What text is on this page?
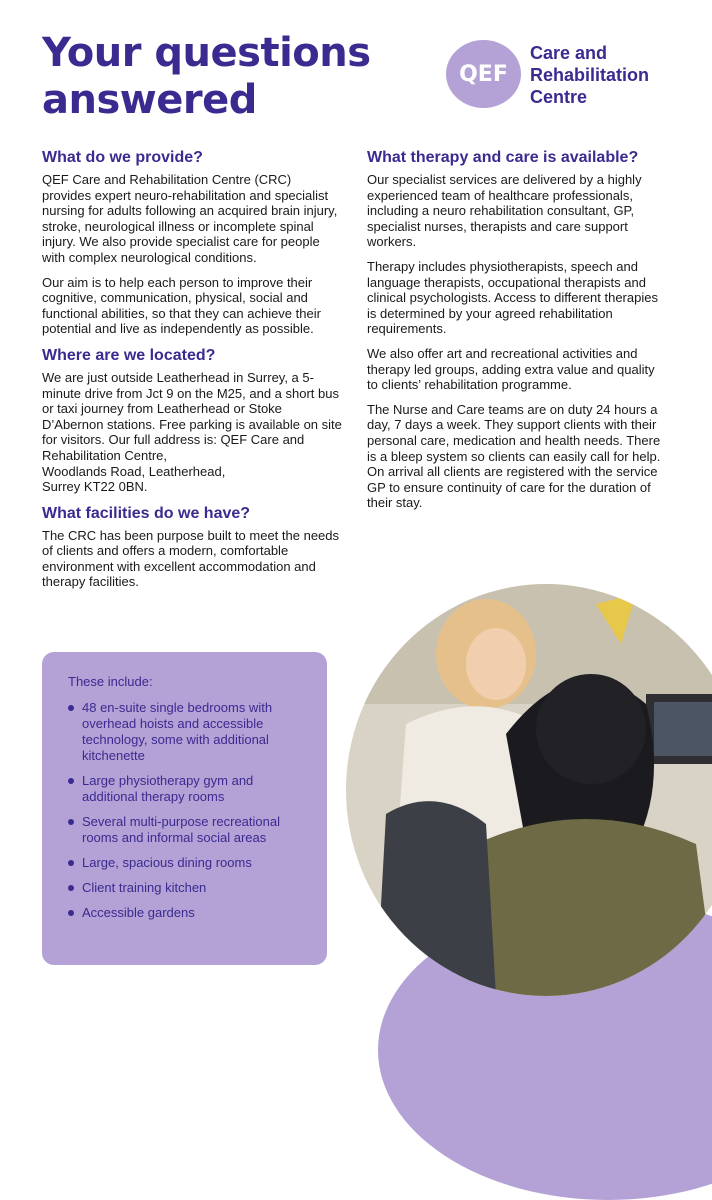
Your questions
answered
QEF

Care and
Rehabilitation
Centre

What do we provide?

QEF Care and Rehabilitation Centre (CRC) provides expert neuro-rehabilitation and specialist nursing for adults following an acquired brain injury, stroke, neurological illness or incomplete spinal injury. We also provide specialist care for people with complex neurological conditions.

Our aim is to help each person to improve their cognitive, communication, physical, social and functional abilities, so that they can achieve their potential and live as independently as possible.

Where are we located?

We are just outside Leatherhead in Surrey, a 5-minute drive from Jct 9 on the M25, and a short bus or taxi journey from Leatherhead or Stoke D’Abernon stations. Free parking is available on site for visitors. Our full address is: QEF Care and Rehabilitation Centre,
Woodlands Road, Leatherhead,
Surrey KT22 0BN.

What facilities do we have?

The CRC has been purpose built to meet the needs of clients and offers a modern, comfortable environment with excellent accommodation and therapy facilities.

What therapy and care is available?

Our specialist services are delivered by a highly experienced team of healthcare professionals, including a neuro rehabilitation consultant, GP, specialist nurses, therapists and care support workers.

Therapy includes physiotherapists, speech and language therapists, occupational therapists and clinical psychologists. Access to different therapies is determined by your agreed rehabilitation requirements.

We also offer art and recreational activities and therapy led groups, adding extra value and quality to clients’ rehabilitation programme.

The Nurse and Care teams are on duty 24 hours a day, 7 days a week. They support clients with their personal care, medication and health needs. There is a bleep system so clients can easily call for help. On arrival all clients are registered with the service GP to ensure continuity of care for the duration of their stay.

These include:

48 en-suite single bedrooms with overhead hoists and accessible technology, some with additional kitchenette
Large physiotherapy gym and additional therapy rooms
Several multi-purpose recreational rooms and informal social areas
Large, spacious dining rooms
Client training kitchen
Accessible gardens
